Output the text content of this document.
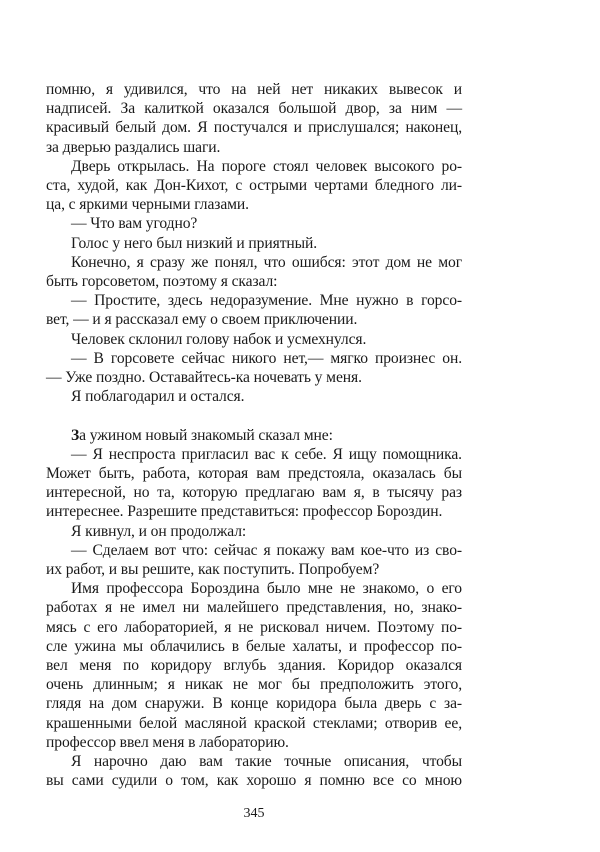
помню, я удивился, что на ней нет никаких вывесок и
надписей. За калиткой оказался большой двор, за ним —
красивый белый дом. Я постучался и прислушался; наконец,
за дверью раздались шаги.
Дверь открылась. На пороге стоял человек высокого ро-
ста, худой, как Дон-Кихот, с острыми чертами бледного ли-
ца, с яркими черными глазами.
— Что вам угодно?
Голос у него был низкий и приятный.
Конечно, я сразу же понял, что ошибся: этот дом не мог
быть горсоветом, поэтому я сказал:
— Простите, здесь недоразумение. Мне нужно в горсо-
вет, — и я рассказал ему о своем приключении.
Человек склонил голову набок и усмехнулся.
— В горсовете сейчас никого нет,— мягко произнес он.
— Уже поздно. Оставайтесь-ка ночевать у меня.
Я поблагодарил и остался.
За ужином новый знакомый сказал мне:
— Я неспроста пригласил вас к себе. Я ищу помощника.
Может быть, работа, которая вам предстояла, оказалась бы
интересной, но та, которую предлагаю вам я, в тысячу раз
интереснее. Разрешите представиться: профессор Бороздин.
Я кивнул, и он продолжал:
— Сделаем вот что: сейчас я покажу вам кое-что из сво-
их работ, и вы решите, как поступить. Попробуем?
Имя профессора Бороздина было мне не знакомо, о его
работах я не имел ни малейшего представления, но, знако-
мясь с его лабораторией, я не рисковал ничем. Поэтому по-
сле ужина мы облачились в белые халаты, и профессор по-
вел меня по коридору вглубь здания. Коридор оказался
очень длинным; я никак не мог бы предположить этого,
глядя на дом снаружи. В конце коридора была дверь с за-
крашенными белой масляной краской стеклами; отворив ее,
профессор ввел меня в лабораторию.
Я нарочно даю вам такие точные описания, чтобы
вы сами судили о том, как хорошо я помню все со мною
345
